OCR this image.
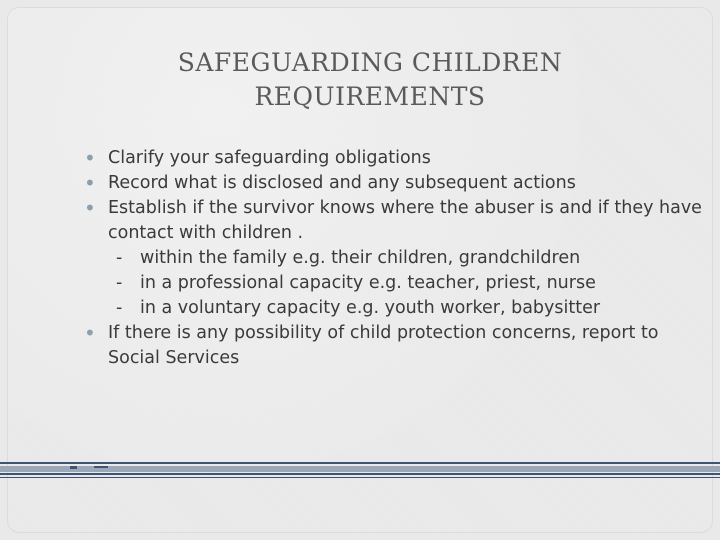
SAFEGUARDING CHILDREN
REQUIREMENTS
• Clarify your safeguarding obligations
• Record what is disclosed and any subsequent actions
• Establish if the survivor knows where the abuser is and if they have contact with children .
- within the family e.g. their children, grandchildren
- in a professional capacity e.g. teacher, priest, nurse
- in a voluntary capacity e.g. youth worker, babysitter
• If there is any possibility of child protection concerns, report to Social Services
